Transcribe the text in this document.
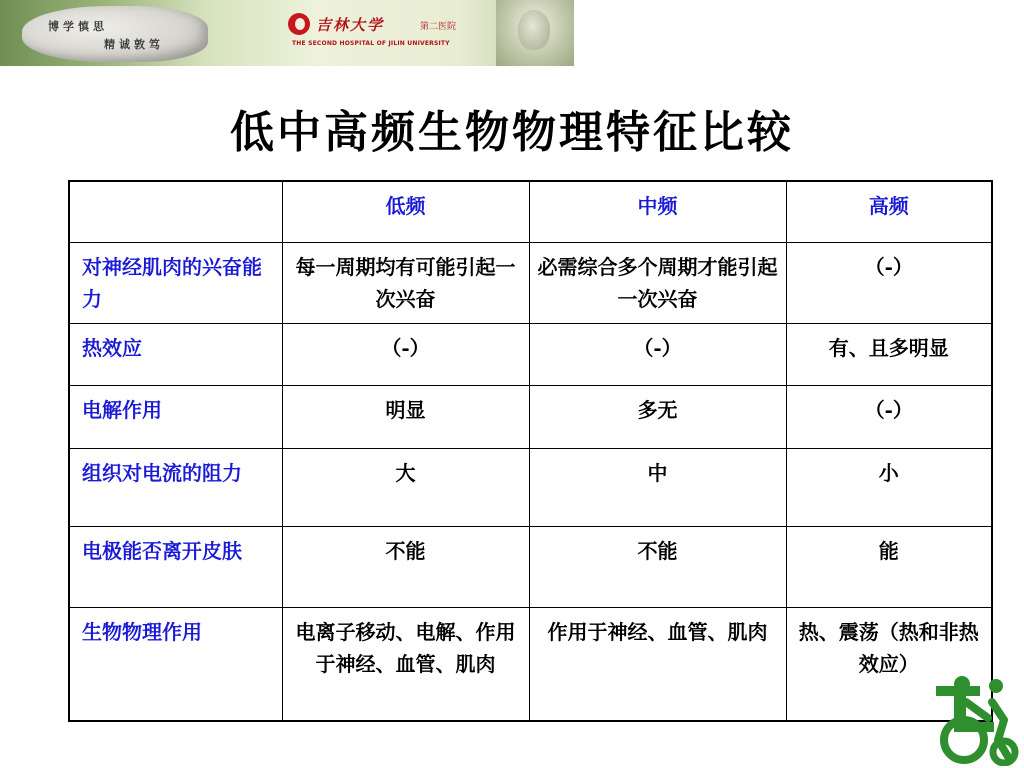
博学慎思
精诚敦笃
吉林大学	第二医院
THE SECOND HOSPITAL OF JILIN UNIVERSITY
低中高频生物物理特征比较
	低频	中频	高频
对神经肌肉的兴奋能力	每一周期均有可能引起一次兴奋	必需综合多个周期才能引起一次兴奋	（-）
热效应	（-）	（-）	有、且多明显
电解作用	明显	多无	（-）
组织对电流的阻力	大	中	小
电极能否离开皮肤	不能	不能	能
生物物理作用	电离子移动、电解、作用于神经、血管、肌肉	作用于神经、血管、肌肉	热、震荡（热和非热效应）
